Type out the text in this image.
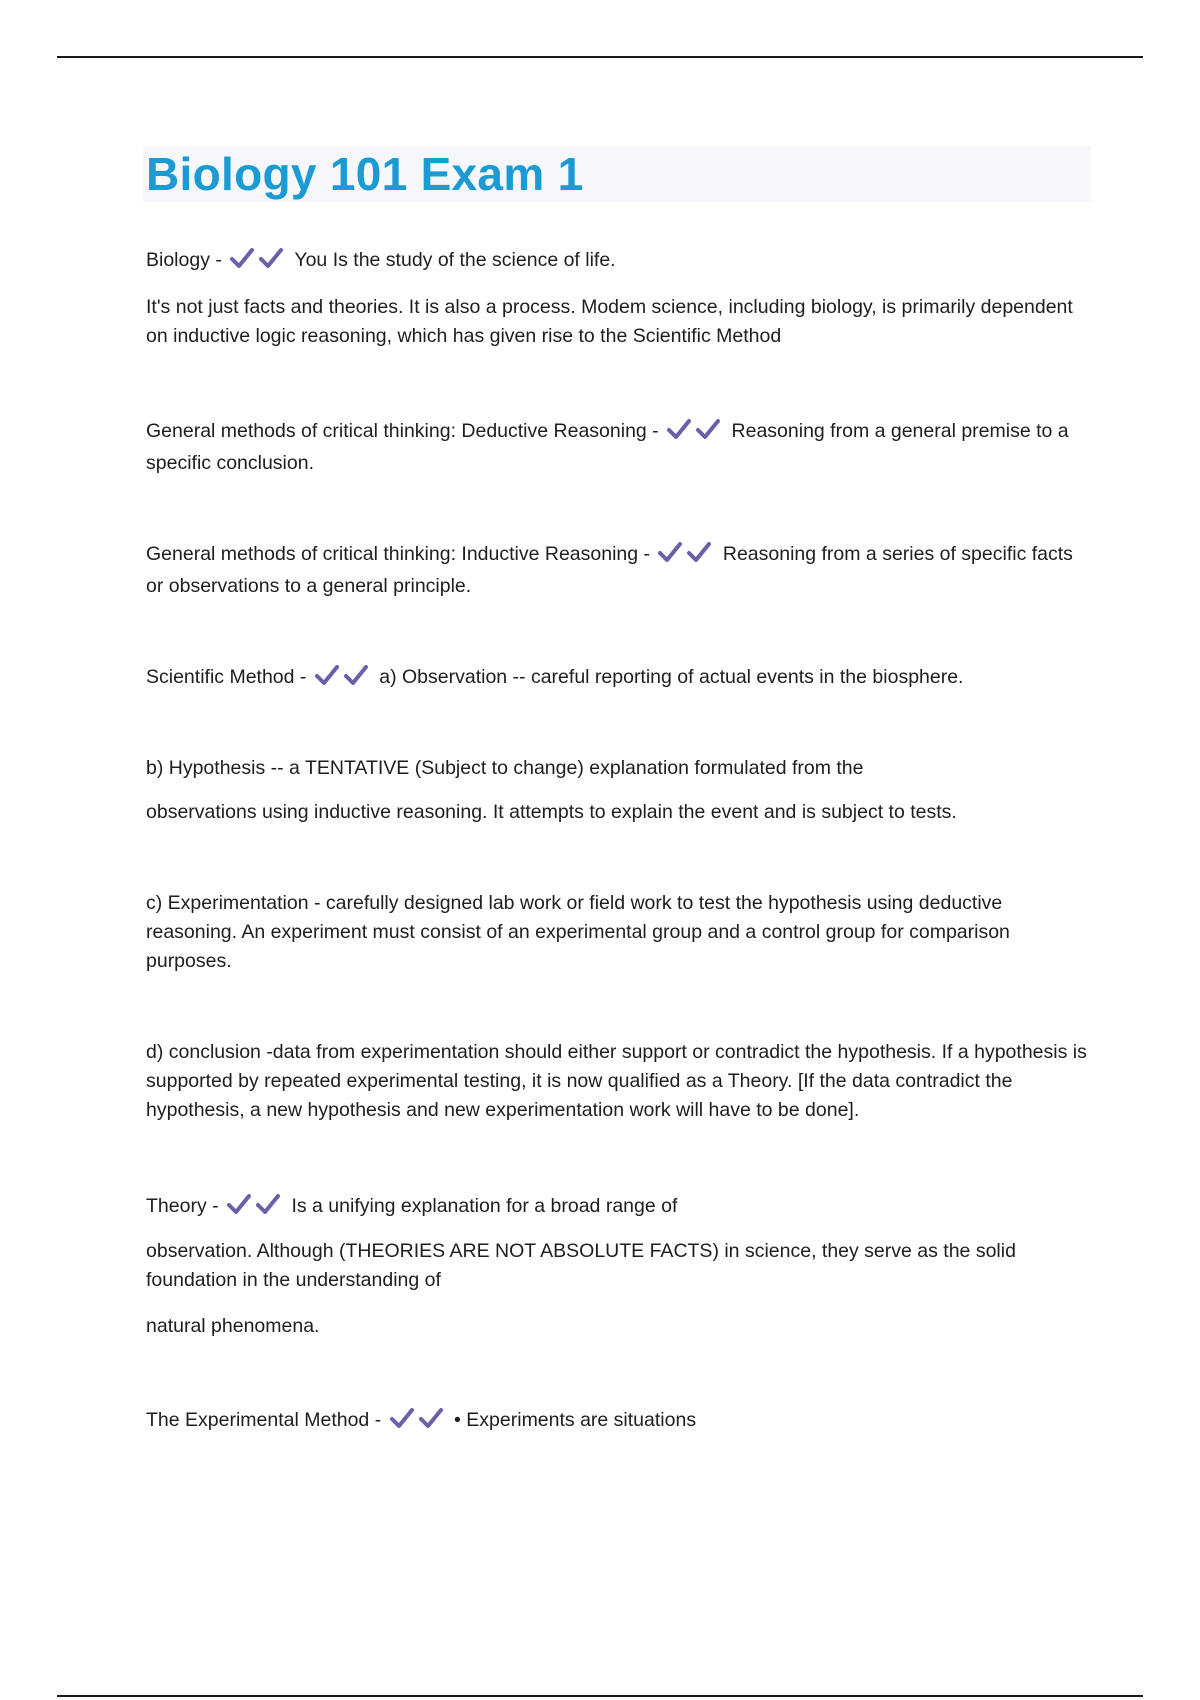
Biology 101 Exam 1

Biology -	You Is the study of the science of life.

It's not just facts and theories. It is also a process. Modem science, including biology, is primarily dependent on inductive logic reasoning, which has given rise to the Scientific Method

General methods of critical thinking: Deductive Reasoning -	Reasoning from a general premise to a specific conclusion.

General methods of critical thinking: Inductive Reasoning -	Reasoning from a series of specific facts or observations to a general principle.

Scientific Method -	a) Observation -- careful reporting of actual events in the biosphere.

b) Hypothesis -- a TENTATIVE (Subject to change) explanation formulated from the

observations using inductive reasoning. It attempts to explain the event and is subject to tests.

c) Experimentation - carefully designed lab work or field work to test the hypothesis using deductive reasoning. An experiment must consist of an experimental group and a control group for comparison purposes.

d) conclusion -data from experimentation should either support or contradict the hypothesis. If a hypothesis is supported by repeated experimental testing, it is now qualified as a Theory. [If the data contradict the hypothesis, a new hypothesis and new experimentation work will have to be done].

Theory -	Is a unifying explanation for a broad range of

observation. Although (THEORIES ARE NOT ABSOLUTE FACTS) in science, they serve as the solid foundation in the understanding of

natural phenomena.

The Experimental Method -	• Experiments are situations
